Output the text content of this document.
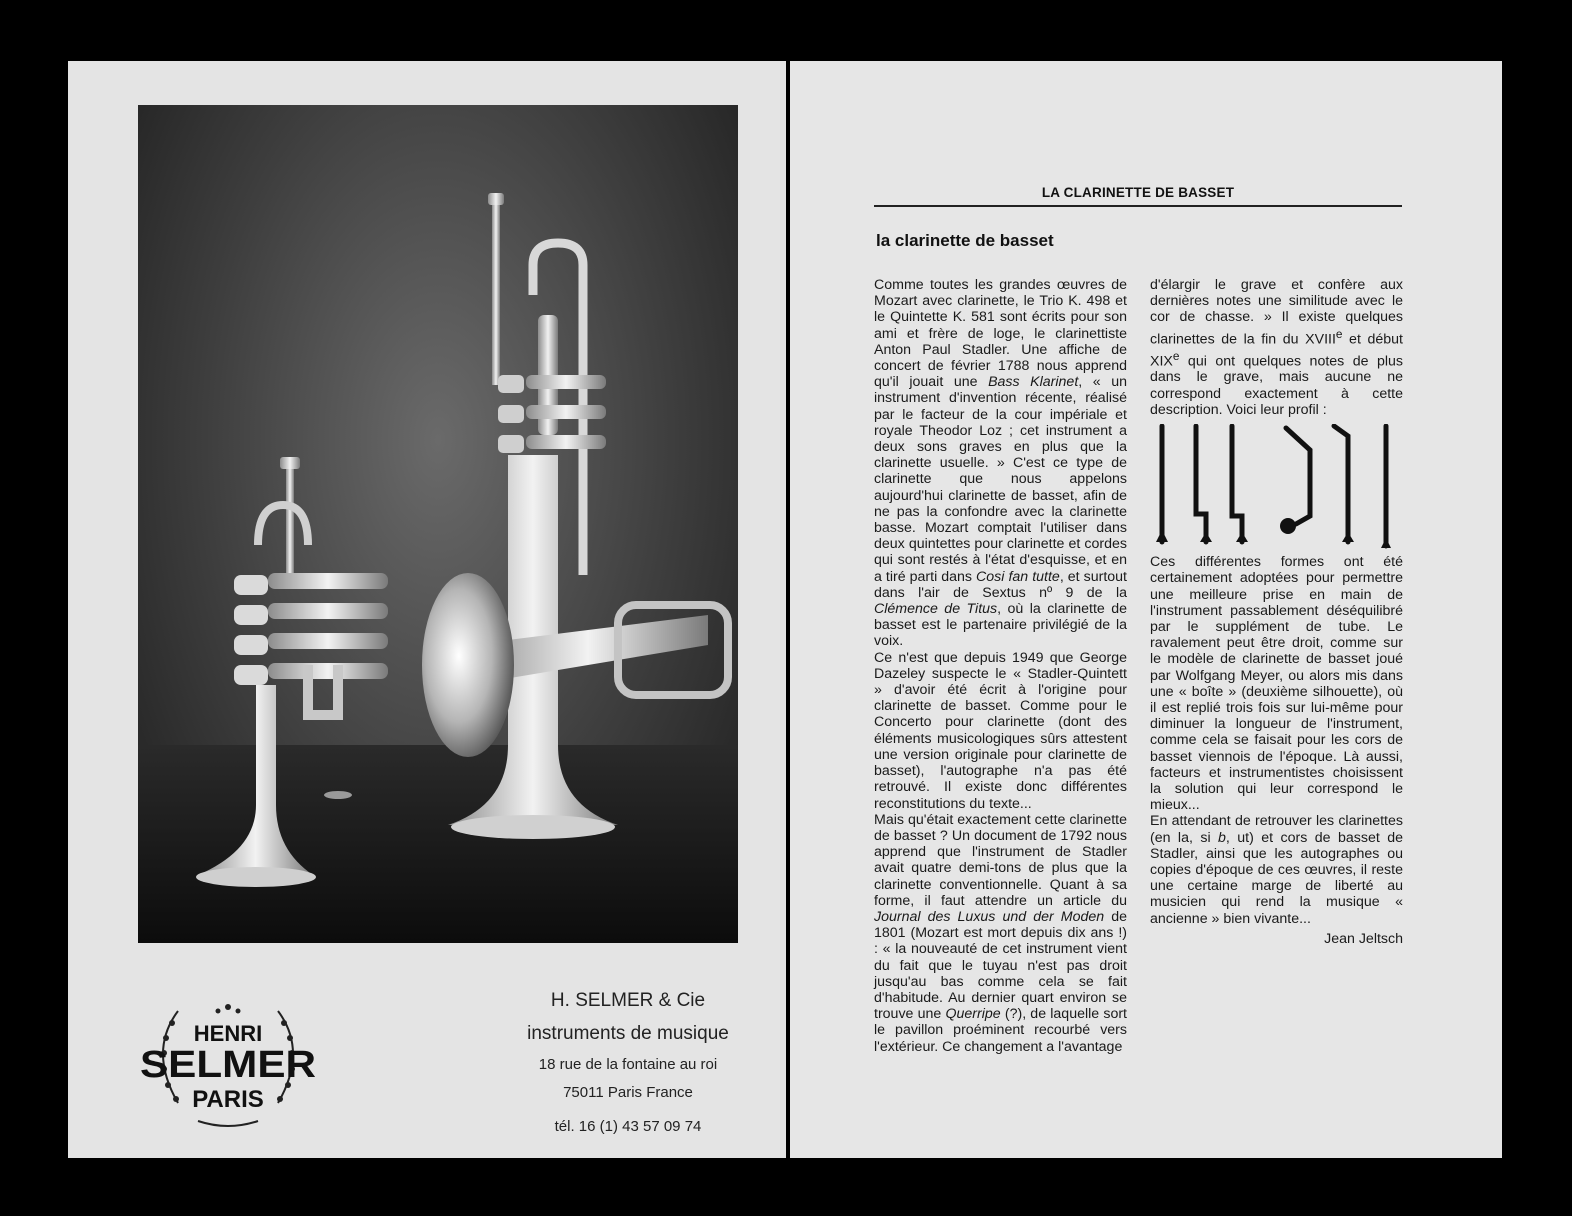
HENRI
SELMER
PARIS
H. SELMER & Cie
instruments de musique
18 rue de la fontaine au roi
75011 Paris France
tél. 16 (1) 43 57 09 74
LA CLARINETTE DE BASSET
la clarinette de basset

Comme toutes les grandes œuvres de Mozart avec clarinette, le Trio K. 498 et le Quintette K. 581 sont écrits pour son ami et frère de loge, le clarinettiste Anton Paul Stadler. Une affiche de concert de février 1788 nous apprend qu'il jouait une Bass Klarinet, « un instrument d'invention récente, réalisé par le facteur de la cour impériale et royale Theodor Loz ; cet instrument a deux sons graves en plus que la clarinette usuelle. » C'est ce type de clarinette que nous appelons aujourd'hui clarinette de basset, afin de ne pas la confondre avec la clarinette basse. Mozart comptait l'utiliser dans deux quintettes pour clarinette et cordes qui sont restés à l'état d'esquisse, et en a tiré parti dans Cosi fan tutte, et surtout dans l'air de Sextus nº 9 de la Clémence de Titus, où la clarinette de basset est le partenaire privilégié de la voix.

Ce n'est que depuis 1949 que George Dazeley suspecte le « Stadler-Quintett » d'avoir été écrit à l'origine pour clarinette de basset. Comme pour le Concerto pour clarinette (dont des éléments musicologiques sûrs attestent une version originale pour clarinette de basset), l'autographe n'a pas été retrouvé. Il existe donc différentes reconstitutions du texte...

Mais qu'était exactement cette clarinette de basset ? Un document de 1792 nous apprend que l'instrument de Stadler avait quatre demi-tons de plus que la clarinette conventionnelle. Quant à sa forme, il faut attendre un article du Journal des Luxus und der Moden de 1801 (Mozart est mort depuis dix ans !) : « la nouveauté de cet instrument vient du fait que le tuyau n'est pas droit jusqu'au bas comme cela se fait d'habitude. Au dernier quart environ se trouve une Querripe (?), de laquelle sort le pavillon proéminent recourbé vers l'extérieur. Ce changement a l'avantage

d'élargir le grave et confère aux dernières notes une similitude avec le cor de chasse. » Il existe quelques clarinettes de la fin du XVIIIe et début XIXe qui ont quelques notes de plus dans le grave, mais aucune ne correspond exactement à cette description. Voici leur profil :

Ces différentes formes ont été certainement adoptées pour permettre une meilleure prise en main de l'instrument passablement déséquilibré par le supplément de tube. Le ravalement peut être droit, comme sur le modèle de clarinette de basset joué par Wolfgang Meyer, ou alors mis dans une « boîte » (deuxième silhouette), où il est replié trois fois sur lui-même pour diminuer la longueur de l'instrument, comme cela se faisait pour les cors de basset viennois de l'époque. Là aussi, facteurs et instrumentistes choisissent la solution qui leur correspond le mieux...

En attendant de retrouver les clarinettes (en la, si b, ut) et cors de basset de Stadler, ainsi que les autographes ou copies d'époque de ces œuvres, il reste une certaine marge de liberté au musicien qui rend la musique « ancienne » bien vivante...

Jean Jeltsch
